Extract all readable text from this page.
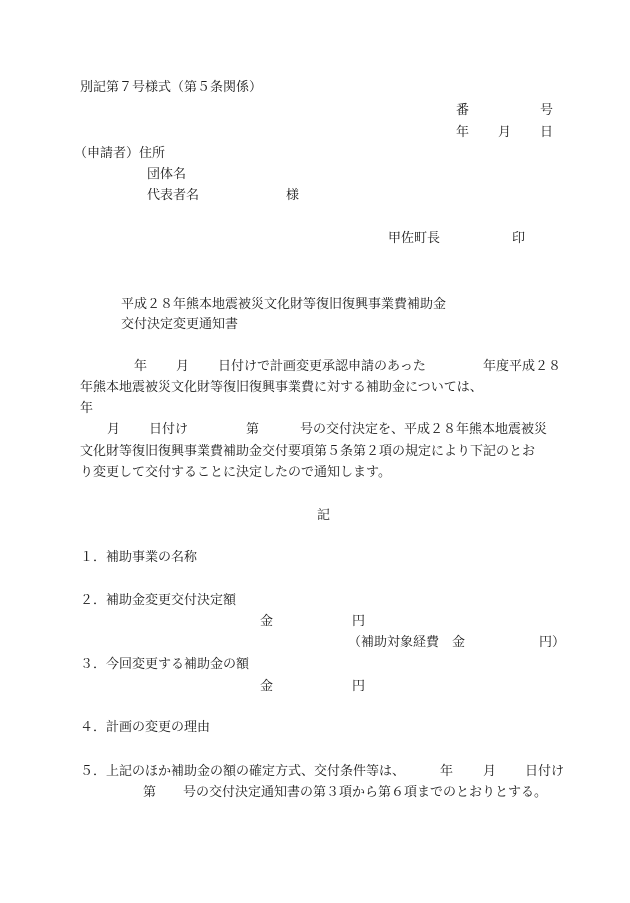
別記第７号様式（第５条関係）
番	号
年 月 日
（申請者）住所
団体名
代表者名	様
甲佐町長	印
平成２８年熊本地震被災文化財等復旧復興事業費補助金
交付決定変更通知書
年 月 日付けで計画変更承認申請のあった	年度平成２８
年熊本地震被災文化財等復旧復興事業費に対する補助金については、
年
月 日付け	第	号の交付決定を、平成２８年熊本地震被災
文化財等復旧復興事業費補助金交付要項第５条第２項の規定により下記のとお
り変更して交付することに決定したので通知します。
記
１．補助事業の名称
２．補助金変更交付決定額
金	円
（補助対象経費　金	円）
３．今回変更する補助金の額
金	円
４．計画の変更の理由
５．上記のほか補助金の額の確定方式、交付条件等は、	年 月 日付け
第 号の交付決定通知書の第３項から第６項までのとおりとする。
